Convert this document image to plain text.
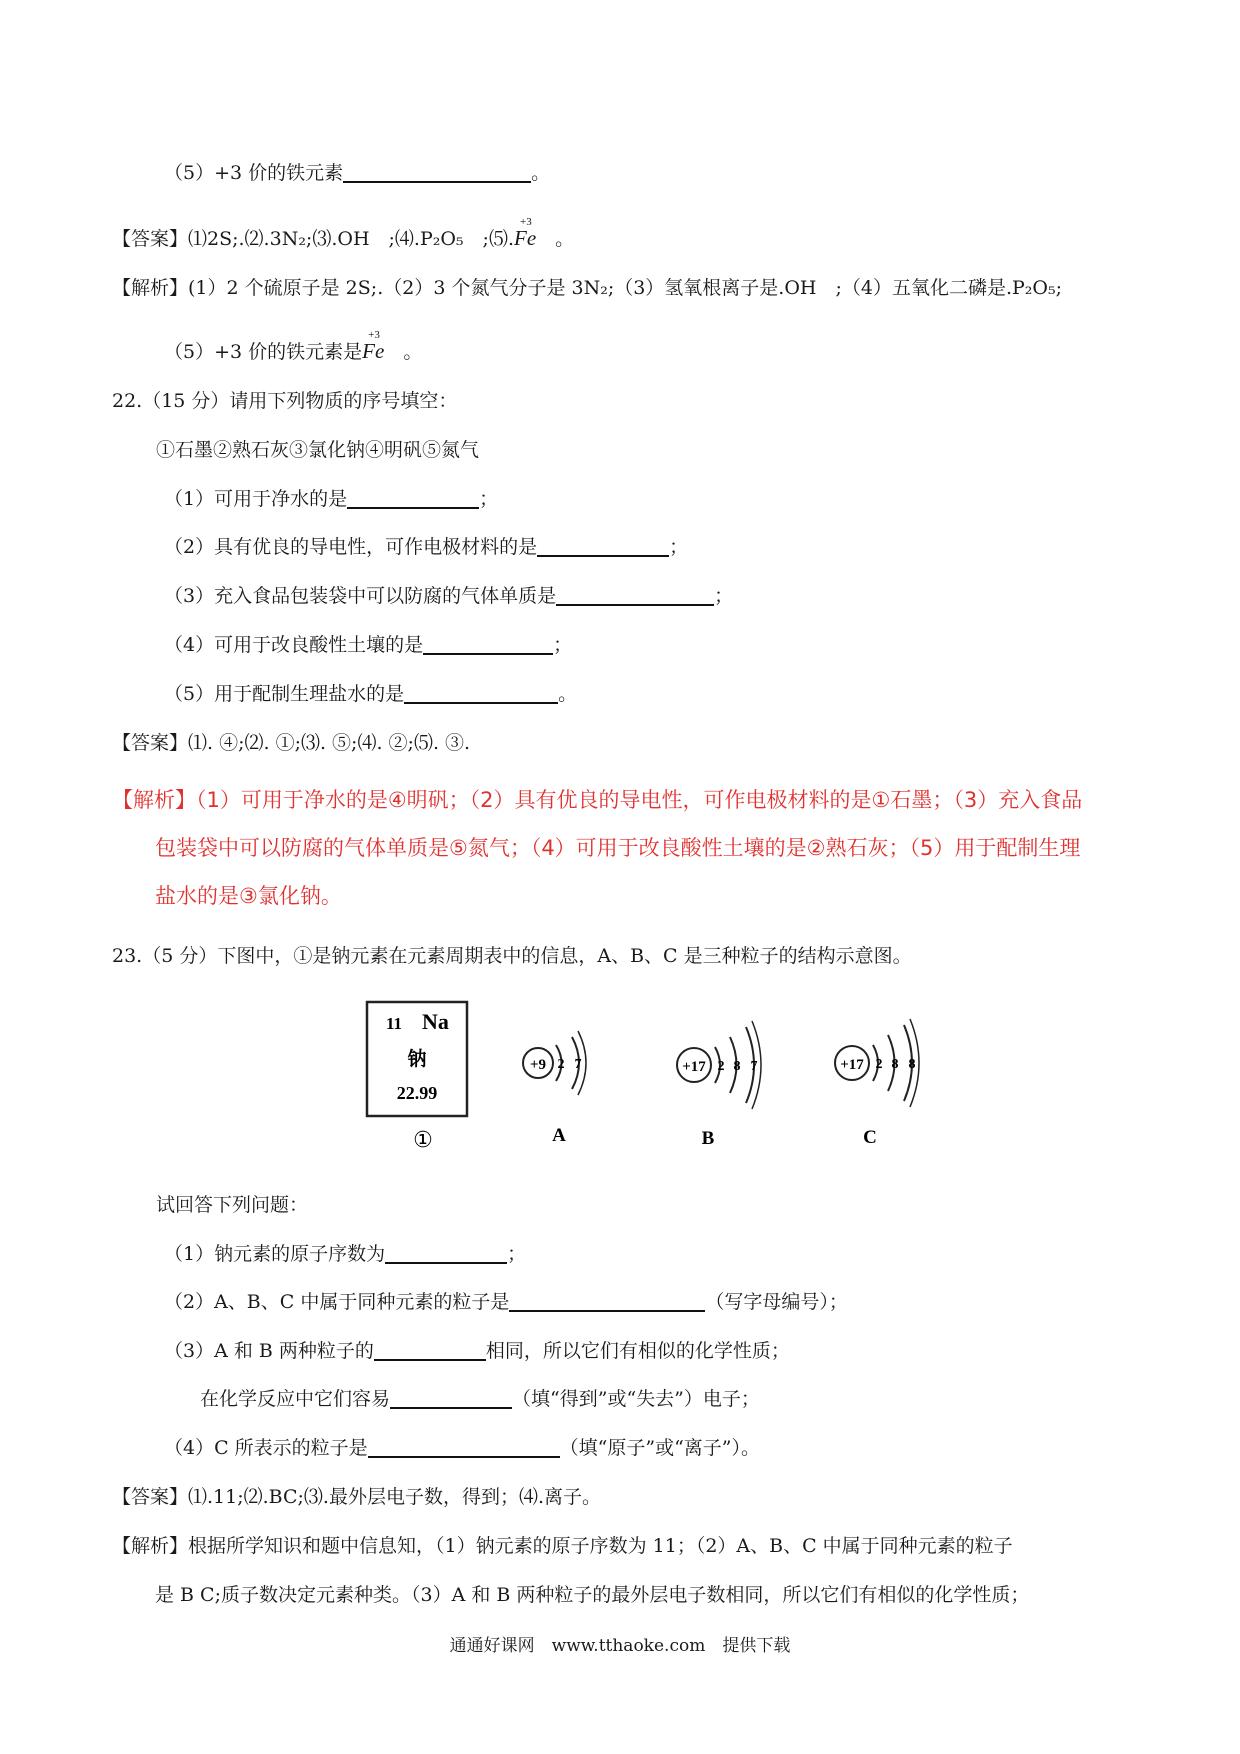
（5）+3 价的铁元素	。
【答案】⑴2S;.⑵.3N₂;⑶.OH　;⑷.P₂O₅　;⑸.
+3
Fe　 。
【解析】(1）2 个硫原子是 2S;.（2）3 个氮气分子是 3N₂;（3）氢氧根离子是.OH　;（4）五氧化二磷是.P₂O₅;
（5）+3 价的铁元素是
+3
Fe　 。
22.（15 分）请用下列物质的序号填空：
①石墨②熟石灰③氯化钠④明矾⑤氮气
（1）可用于净水的是	；
（2）具有优良的导电性，可作电极材料的是	；
（3）充入食品包装袋中可以防腐的气体单质是	；
（4）可用于改良酸性土壤的是	；
（5）用于配制生理盐水的是	。
【答案】⑴. ④;⑵. ①;⑶. ⑤;⑷. ②;⑸. ③.
【解析】（1）可用于净水的是④明矾；（2）具有优良的导电性，可作电极材料的是①石墨；（3）充入食品
包装袋中可以防腐的气体单质是⑤氮气；（4）可用于改良酸性土壤的是②熟石灰；（5）用于配制生理
盐水的是③氯化钠。
23.（5 分）下图中，①是钠元素在元素周期表中的信息，A、B、C 是三种粒子的结构示意图。
11 Na
钠
22.99
①
+9 2 7
A
+17 2 8 7
B
+17 2 8 8
C
试回答下列问题：
（1）钠元素的原子序数为	；
（2）A、B、C 中属于同种元素的粒子是	（写字母编号）；
（3）A 和 B 两种粒子的	相同，所以它们有相似的化学性质；
在化学反应中它们容易	（填“得到”或“失去”）电子；
（4）C 所表示的粒子是	（填“原子”或“离子”）。
【答案】⑴.11;⑵.BC;⑶.最外层电子数，得到；⑷.离子。
【解析】根据所学知识和题中信息知，（1）钠元素的原子序数为 11；（2）A、B、C 中属于同种元素的粒子
是 B C;质子数决定元素种类。（3）A 和 B 两种粒子的最外层电子数相同，所以它们有相似的化学性质；
通通好课网　www.tthaoke.com　提供下载
